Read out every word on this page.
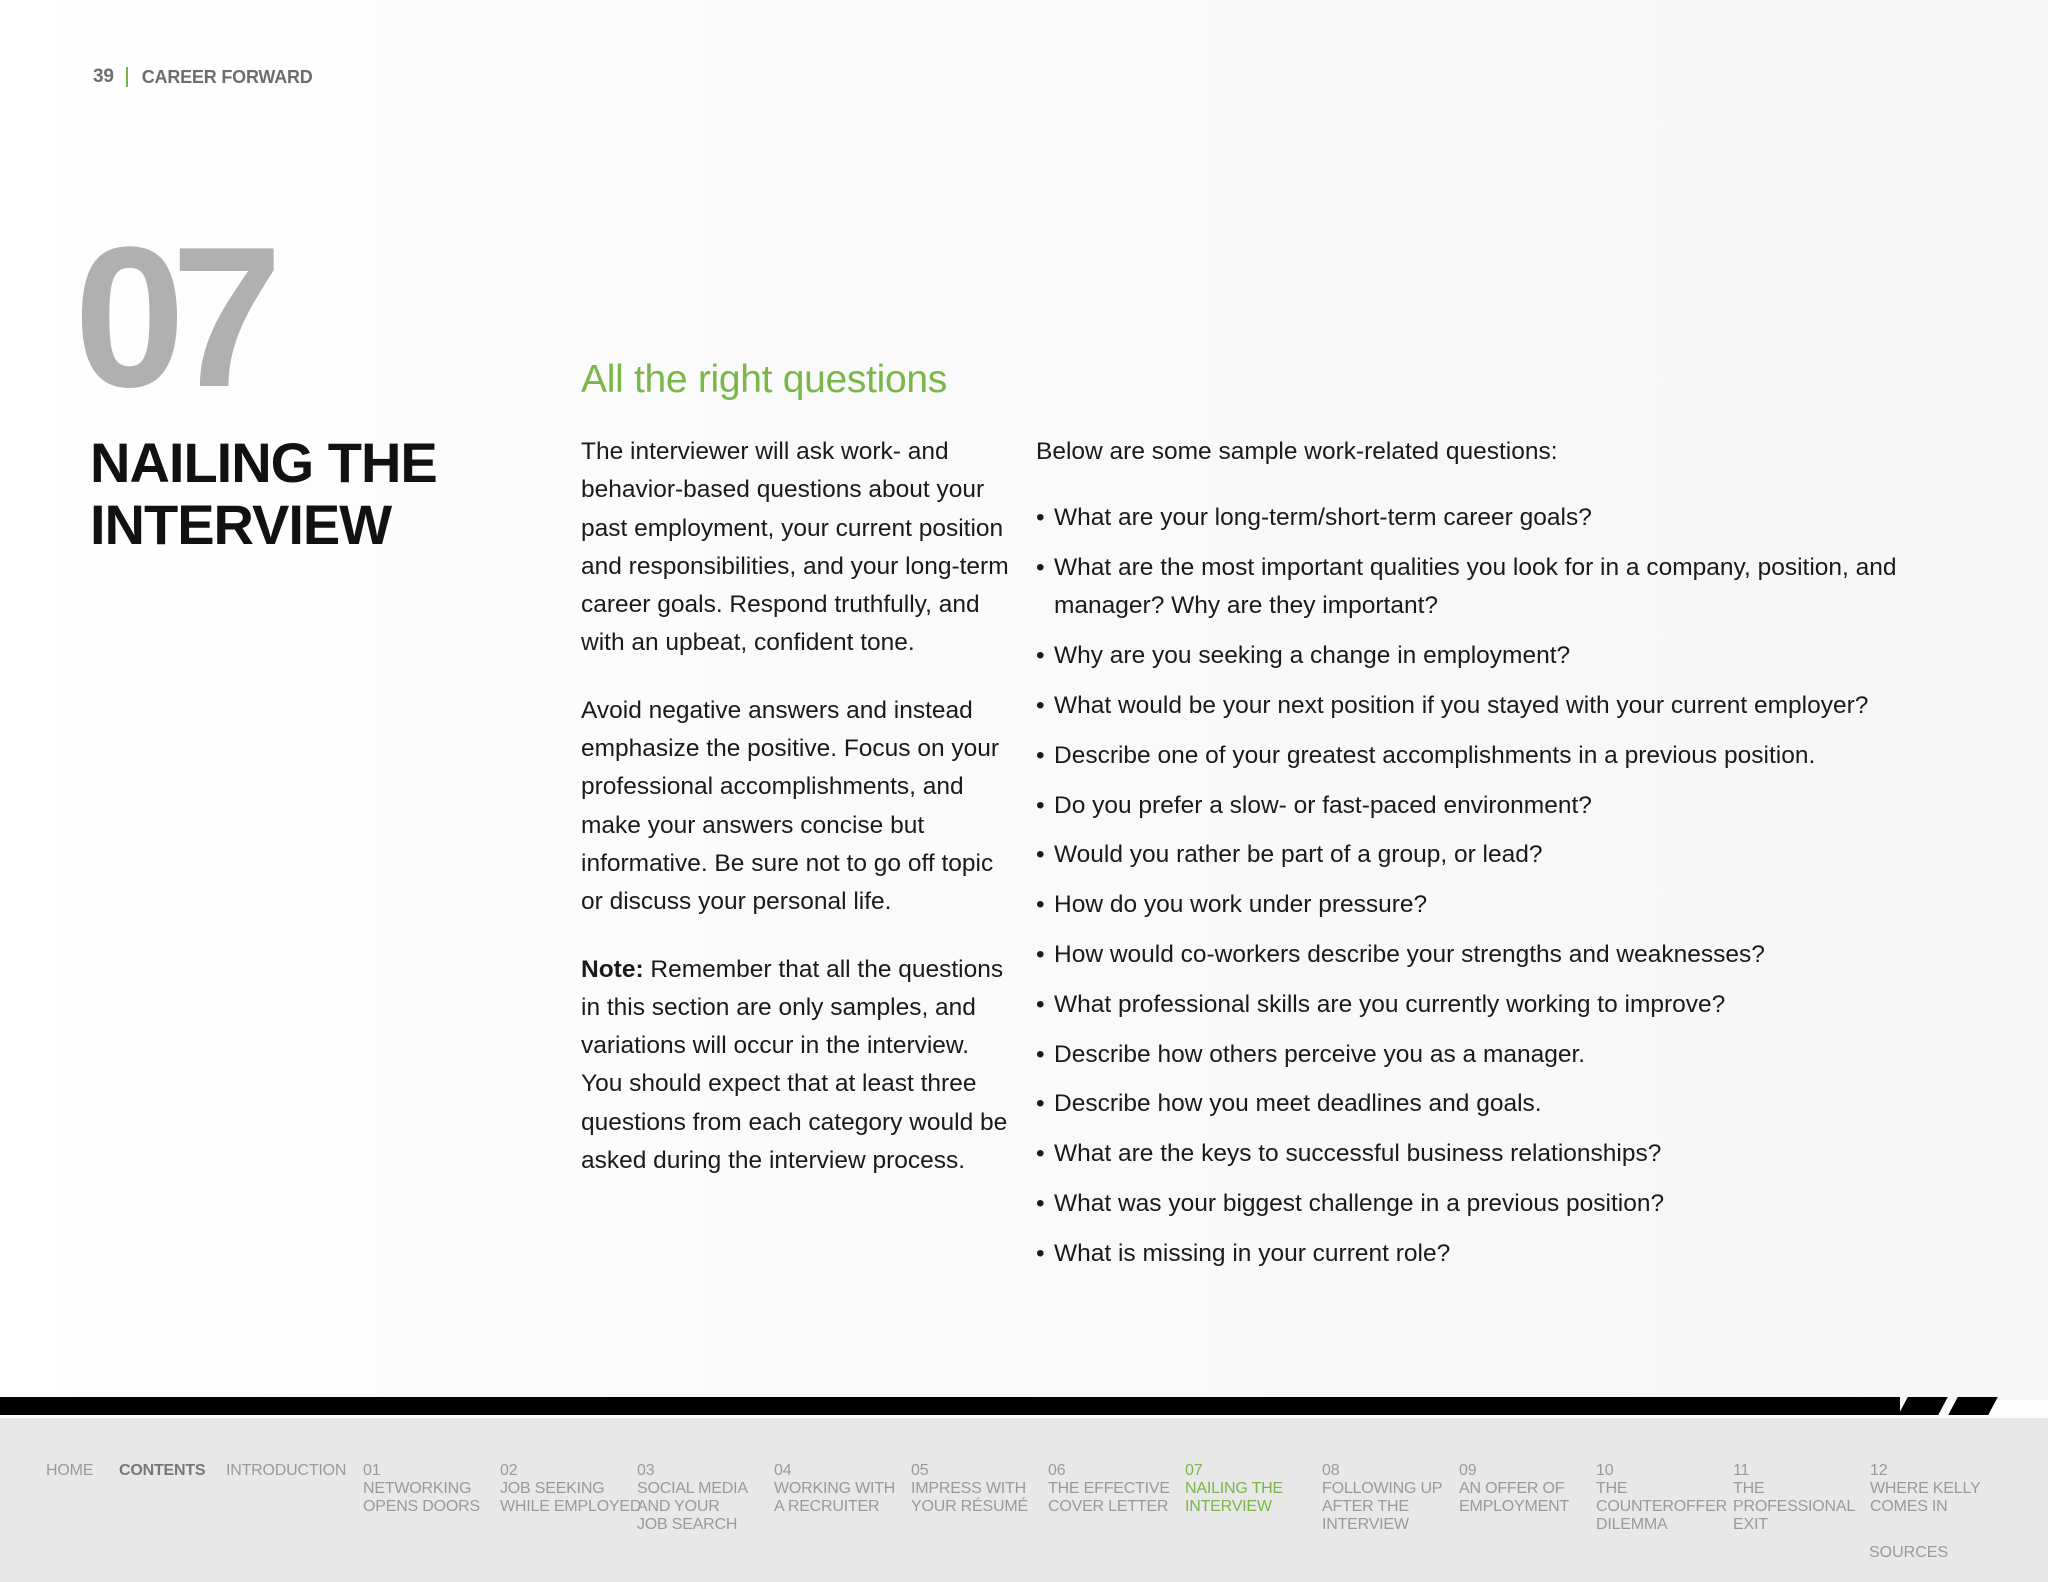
39 CAREER FORWARD
07
NAILING THE INTERVIEW
All the right questions

The interviewer will ask work- and behavior-based questions about your past employment, your current position and responsibilities, and your long-term career goals. Respond truthfully, and with an upbeat, confident tone.

Avoid negative answers and instead emphasize the positive. Focus on your professional accomplishments, and make your answers concise but informative. Be sure not to go off topic or discuss your personal life.

Note: Remember that all the questions in this section are only samples, and variations will occur in the interview. You should expect that at least three questions from each category would be asked during the interview process.

Below are some sample work-related questions:

• What are your long-term/short-term career goals?
• What are the most important qualities you look for in a company, position, and manager? Why are they important?
• Why are you seeking a change in employment?
• What would be your next position if you stayed with your current employer?
• Describe one of your greatest accomplishments in a previous position.
• Do you prefer a slow- or fast-paced environment?
• Would you rather be part of a group, or lead?
• How do you work under pressure?
• How would co-workers describe your strengths and weaknesses?
• What professional skills are you currently working to improve?
• Describe how others perceive you as a manager.
• Describe how you meet deadlines and goals.
• What are the keys to successful business relationships?
• What was your biggest challenge in a previous position?
• What is missing in your current role?
HOME CONTENTS INTRODUCTION 01
NETWORKING
OPENS DOORS
02
JOB SEEKING
WHILE EMPLOYED
03
SOCIAL MEDIA
AND YOUR
JOB SEARCH
04
WORKING WITH
A RECRUITER
05
IMPRESS WITH
YOUR RÉSUMÉ
06
THE EFFECTIVE
COVER LETTER
07
NAILING THE
INTERVIEW
08
FOLLOWING UP
AFTER THE
INTERVIEW
09
AN OFFER OF
EMPLOYMENT
10
THE
COUNTEROFFER
DILEMMA
11
THE
PROFESSIONAL
EXIT
12
WHERE KELLY
COMES IN
SOURCES
